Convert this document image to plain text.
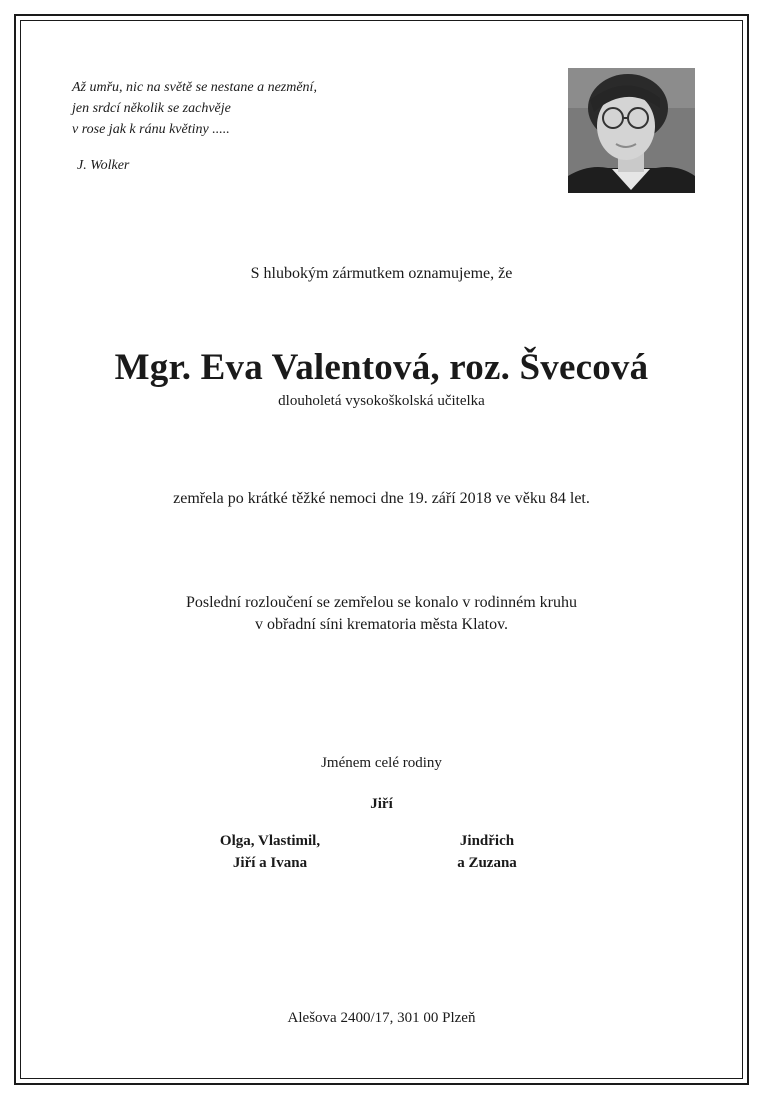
Až umřu, nic na světě se nestane a nezmění,
jen srdcí několik se zachvěje
v rose jak k ránu květiny .....
J. Wolker
S hlubokým zármutkem oznamujeme, že
Mgr. Eva Valentová, roz. Švecová
dlouholetá vysokoškolská učitelka
zemřela po krátké těžké nemoci dne 19. září 2018 ve věku 84 let.
Poslední rozloučení se zemřelou se konalo v rodinném kruhu
v obřadní síni krematoria města Klatov.
Jménem celé rodiny
Jiří
Olga, Vlastimil,
Jiří a Ivana
Jindřich
a Zuzana
Alešova 2400/17, 301 00 Plzeň
